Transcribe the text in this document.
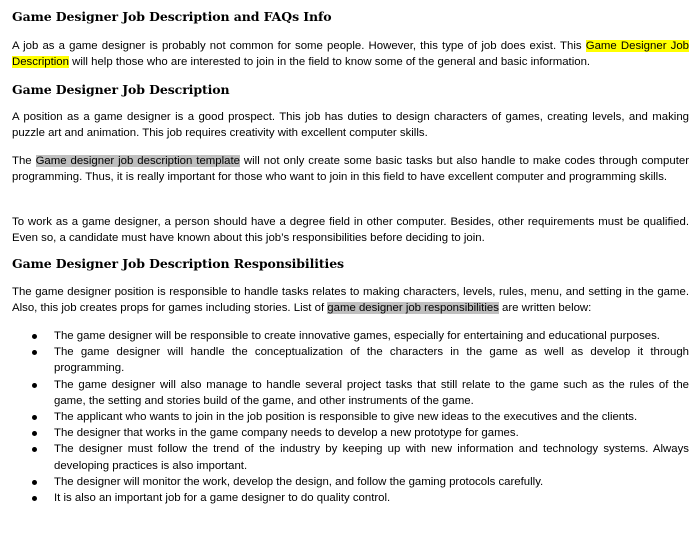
Game Designer Job Description and FAQs Info

A job as a game designer is probably not common for some people. However, this type of job does exist. This Game Designer Job Description will help those who are interested to join in the field to know some of the general and basic information.

Game Designer Job Description

A position as a game designer is a good prospect. This job has duties to design characters of games, creating levels, and making puzzle art and animation. This job requires creativity with excellent computer skills.

The Game designer job description template will not only create some basic tasks but also handle to make codes through computer programming. Thus, it is really important for those who want to join in this field to have excellent computer and programming skills.

To work as a game designer, a person should have a degree field in other computer. Besides, other requirements must be qualified. Even so, a candidate must have known about this job’s responsibilities before deciding to join.

Game Designer Job Description Responsibilities

The game designer position is responsible to handle tasks relates to making characters, levels, rules, menu, and setting in the game. Also, this job creates props for games including stories. List of game designer job responsibilities are written below:

The game designer will be responsible to create innovative games, especially for entertaining and educational purposes.
The game designer will handle the conceptualization of the characters in the game as well as develop it through programming.
The game designer will also manage to handle several project tasks that still relate to the game such as the rules of the game, the setting and stories build of the game, and other instruments of the game.
The applicant who wants to join in the job position is responsible to give new ideas to the executives and the clients.
The designer that works in the game company needs to develop a new prototype for games.
The designer must follow the trend of the industry by keeping up with new information and technology systems. Always developing practices is also important.
The designer will monitor the work, develop the design, and follow the gaming protocols carefully.
It is also an important job for a game designer to do quality control.
